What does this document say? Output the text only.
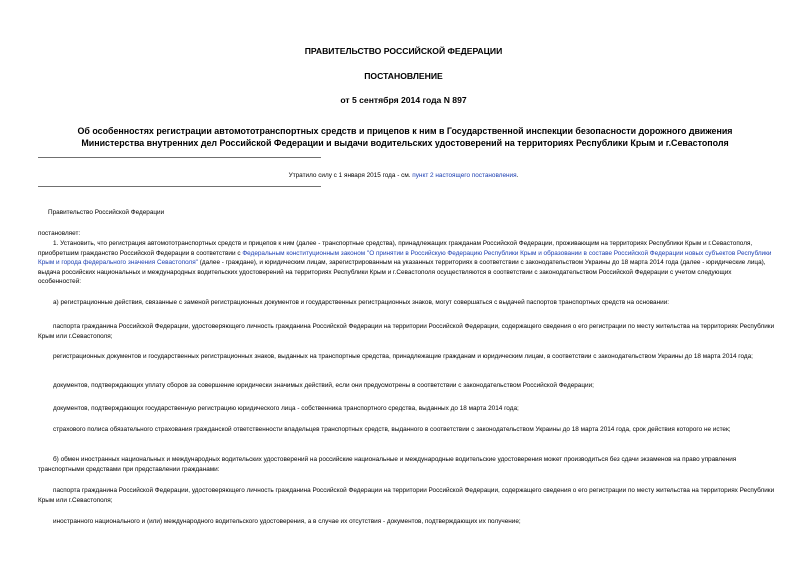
ПРАВИТЕЛЬСТВО РОССИЙСКОЙ ФЕДЕРАЦИИ
ПОСТАНОВЛЕНИЕ
от 5 сентября 2014 года N 897
Об особенностях регистрации автомототранспортных средств и прицепов к ним в Государственной инспекции безопасности дорожного движения Министерства внутренних дел Российской Федерации и выдачи водительских удостоверений на территориях Республики Крым и г.Севастополя
Утратило силу с 1 января 2015 года - см. пункт 2 настоящего постановления.
Правительство Российской Федерации
постановляет:
1. Установить, что регистрация автомототранспортных средств и прицепов к ним (далее - транспортные средства), принадлежащих гражданам Российской Федерации, проживающим на территориях Республики Крым и г.Севастополя, приобретшим гражданство Российской Федерации в соответствии с Федеральным конституционным законом "О принятии в Российскую Федерацию Республики Крым и образовании в составе Российской Федерации новых субъектов Республики Крым и города федерального значения Севастополя" (далее - граждане), и юридическим лицам, зарегистрированным на указанных территориях в соответствии с законодательством Украины до 18 марта 2014 года (далее - юридические лица), выдача российских национальных и международных водительских удостоверений на территориях Республики Крым и г.Севастополя осуществляются в соответствии с законодательством Российской Федерации с учетом следующих особенностей:
а) регистрационные действия, связанные с заменой регистрационных документов и государственных регистрационных знаков, могут совершаться с выдачей паспортов транспортных средств на основании:
паспорта гражданина Российской Федерации, удостоверяющего личность гражданина Российской Федерации на территории Российской Федерации, содержащего сведения о его регистрации по месту жительства на территориях Республики Крым или г.Севастополя;
регистрационных документов и государственных регистрационных знаков, выданных на транспортные средства, принадлежащие гражданам и юридическим лицам, в соответствии с законодательством Украины до 18 марта 2014 года;
документов, подтверждающих уплату сборов за совершение юридически значимых действий, если они предусмотрены в соответствии с законодательством Российской Федерации;
документов, подтверждающих государственную регистрацию юридического лица - собственника транспортного средства, выданных до 18 марта 2014 года;
страхового полиса обязательного страхования гражданской ответственности владельцев транспортных средств, выданного в соответствии с законодательством Украины до 18 марта 2014 года, срок действия которого не истек;
б) обмен иностранных национальных и международных водительских удостоверений на российские национальные и международные водительские удостоверения может производиться без сдачи экзаменов на право управления транспортными средствами при представлении гражданами:
паспорта гражданина Российской Федерации, удостоверяющего личность гражданина Российской Федерации на территории Российской Федерации, содержащего сведения о его регистрации по месту жительства на территориях Республики Крым или г.Севастополя;
иностранного национального и (или) международного водительского удостоверения, а в случае их отсутствия - документов, подтверждающих их получение;
